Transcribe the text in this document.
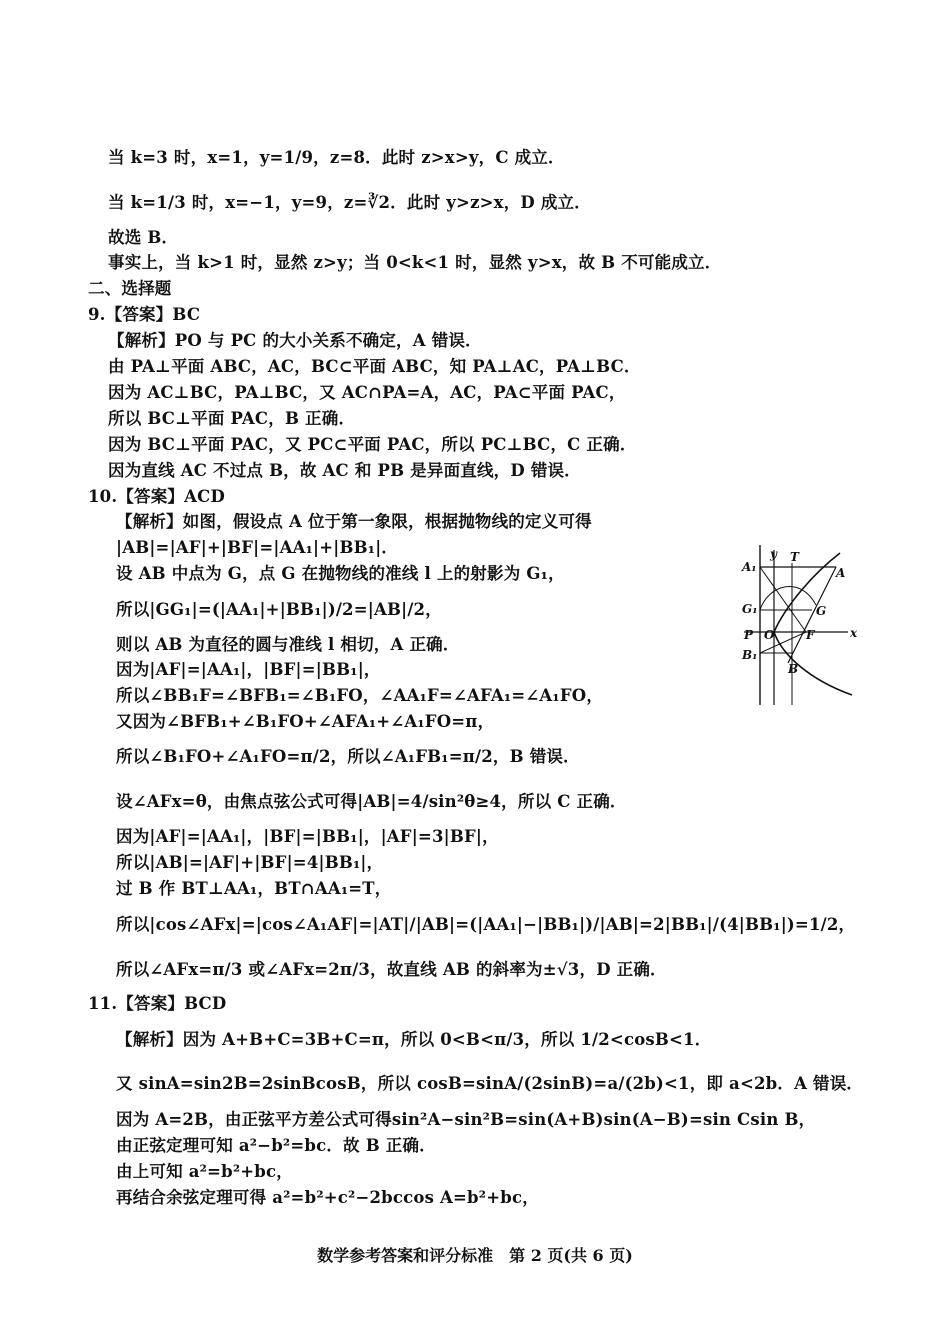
当 k=3 时，x=1，y=1/9，z=8．此时 z>x>y，C 成立．
当 k=1/3 时，x=−1，y=9，z=∛2．此时 y>z>x，D 成立．
故选 B．
事实上，当 k>1 时，显然 z>y；当 0<k<1 时，显然 y>x，故 B 不可能成立．
二、选择题
9.【答案】BC
【解析】PO 与 PC 的大小关系不确定，A 错误．
由 PA⊥平面 ABC，AC，BC⊂平面 ABC，知 PA⊥AC，PA⊥BC．
因为 AC⊥BC，PA⊥BC，又 AC∩PA=A，AC，PA⊂平面 PAC，
所以 BC⊥平面 PAC，B 正确．
因为 BC⊥平面 PAC，又 PC⊂平面 PAC，所以 PC⊥BC，C 正确．
因为直线 AC 不过点 B，故 AC 和 PB 是异面直线，D 错误．
10.【答案】ACD
【解析】如图，假设点 A 位于第一象限，根据抛物线的定义可得
|AB|=|AF|+|BF|=|AA₁|+|BB₁|．
设 AB 中点为 G，点 G 在抛物线的准线 l 上的射影为 G₁，
所以|GG₁|=(|AA₁|+|BB₁|)/2=|AB|/2，
则以 AB 为直径的圆与准线 l 相切，A 正确．
因为|AF|=|AA₁|，|BF|=|BB₁|，
所以∠BB₁F=∠BFB₁=∠B₁FO，∠AA₁F=∠AFA₁=∠A₁FO，
又因为∠BFB₁+∠B₁FO+∠AFA₁+∠A₁FO=π，
所以∠B₁FO+∠A₁FO=π/2，所以∠A₁FB₁=π/2，B 错误．
设∠AFx=θ，由焦点弦公式可得|AB|=4/sin²θ≥4，所以 C 正确．
因为|AF|=|AA₁|，|BF|=|BB₁|，|AF|=3|BF|，
所以|AB|=|AF|+|BF|=4|BB₁|，
过 B 作 BT⊥AA₁，BT∩AA₁=T，
所以|cos∠AFx|=|cos∠A₁AF|=|AT|/|AB|=(|AA₁|−|BB₁|)/|AB|=2|BB₁|/(4|BB₁|)=1/2，
所以∠AFx=π/3 或∠AFx=2π/3，故直线 AB 的斜率为±√3，D 正确．
11.【答案】BCD
【解析】因为 A+B+C=3B+C=π，所以 0<B<π/3，所以 1/2<cosB<1．
又 sinA=sin2B=2sinBcosB，所以 cosB=sinA/(2sinB)=a/(2b)<1，即 a<2b．A 错误．
因为 A=2B，由正弦平方差公式可得sin²A−sin²B=sin(A+B)sin(A−B)=sin Csin B，
由正弦定理可知 a²−b²=bc．故 B 正确．
由上可知 a²=b²+bc，
再结合余弦定理可得 a²=b²+c²−2bccos A=b²+bc，
y T
A₁	A
G₁	G
P O	F	x
B₁
B
数学参考答案和评分标准　第 2 页(共 6 页)
